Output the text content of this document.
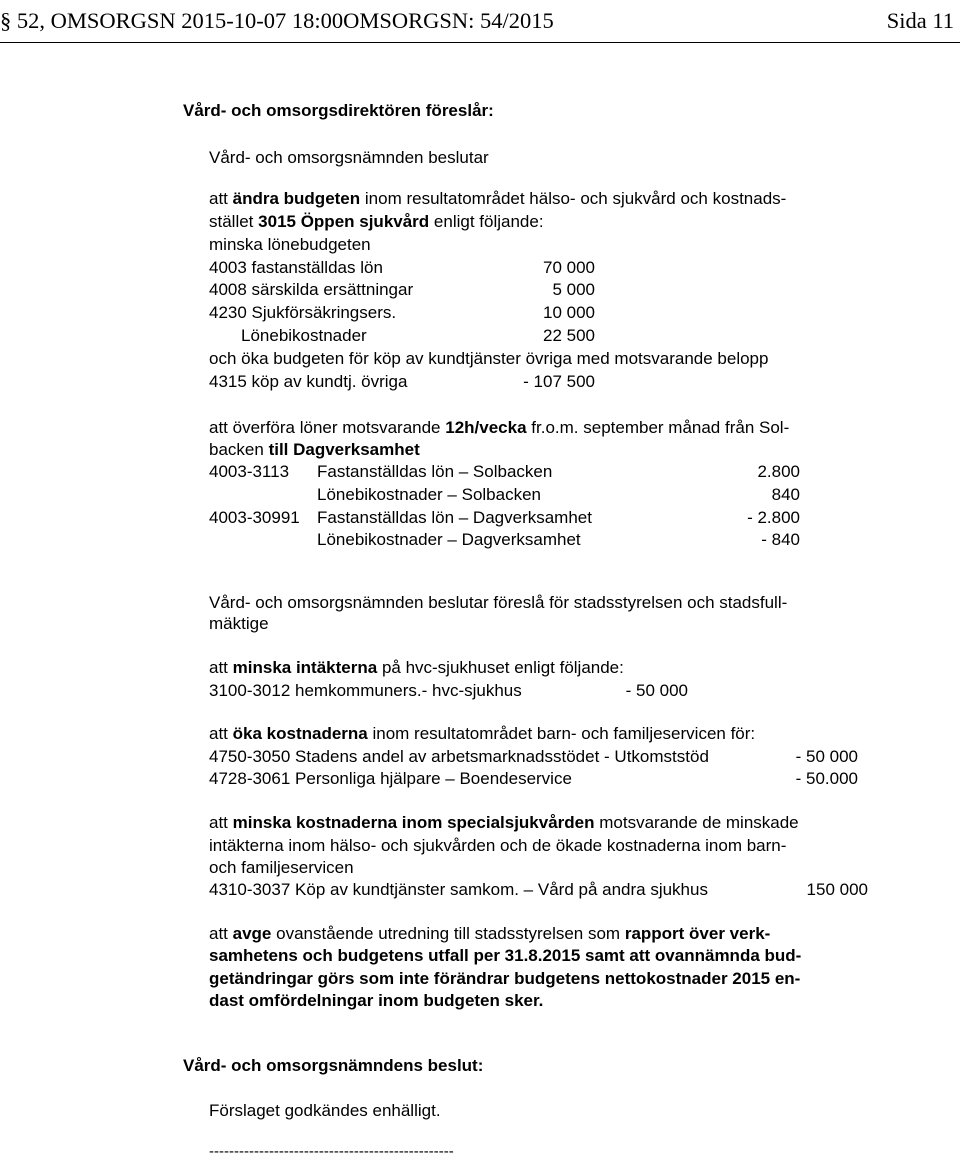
§ 52, OMSORGSN 2015-10-07 18:00OMSORGSN: 54/2015	Sida 11
Vård- och omsorgsdirektören föreslår:
Vård- och omsorgsnämnden beslutar
att ändra budgeten inom resultatområdet hälso- och sjukvård och kostnads-
stället 3015 Öppen sjukvård enligt följande:
minska lönebudgeten
4003 fastanställdas lön	70 000
4008 särskilda ersättningar	5 000
4230 Sjukförsäkringsers.	10 000
Lönebikostnader	22 500
och öka budgeten för köp av kundtjänster övriga med motsvarande belopp
4315 köp av kundtj. övriga	- 107 500
att överföra löner motsvarande 12h/vecka fr.o.m. september månad från Sol-
backen till Dagverksamhet
4003-3113 Fastanställdas lön – Solbacken	2.800
Lönebikostnader – Solbacken	840
4003-30991 Fastanställdas lön – Dagverksamhet	- 2.800
Lönebikostnader – Dagverksamhet	- 840
Vård- och omsorgsnämnden beslutar föreslå för stadsstyrelsen och stadsfull-
mäktige
att minska intäkterna på hvc-sjukhuset enligt följande:
3100-3012 hemkommuners.- hvc-sjukhus	- 50 000
att öka kostnaderna inom resultatområdet barn- och familjeservicen för:
4750-3050 Stadens andel av arbetsmarknadsstödet - Utkomststöd	- 50 000
4728-3061 Personliga hjälpare – Boendeservice	- 50.000
att minska kostnaderna inom specialsjukvården motsvarande de minskade
intäkterna inom hälso- och sjukvården och de ökade kostnaderna inom barn-
och familjeservicen
4310-3037 Köp av kundtjänster samkom. – Vård på andra sjukhus	150 000
att avge ovanstående utredning till stadsstyrelsen som rapport över verk-
samhetens och budgetens utfall per 31.8.2015 samt att ovannämnda bud-
getändringar görs som inte förändrar budgetens nettokostnader 2015 en-
dast omfördelningar inom budgeten sker.
Vård- och omsorgsnämndens beslut:
Förslaget godkändes enhälligt.
-------------------------------------------------
